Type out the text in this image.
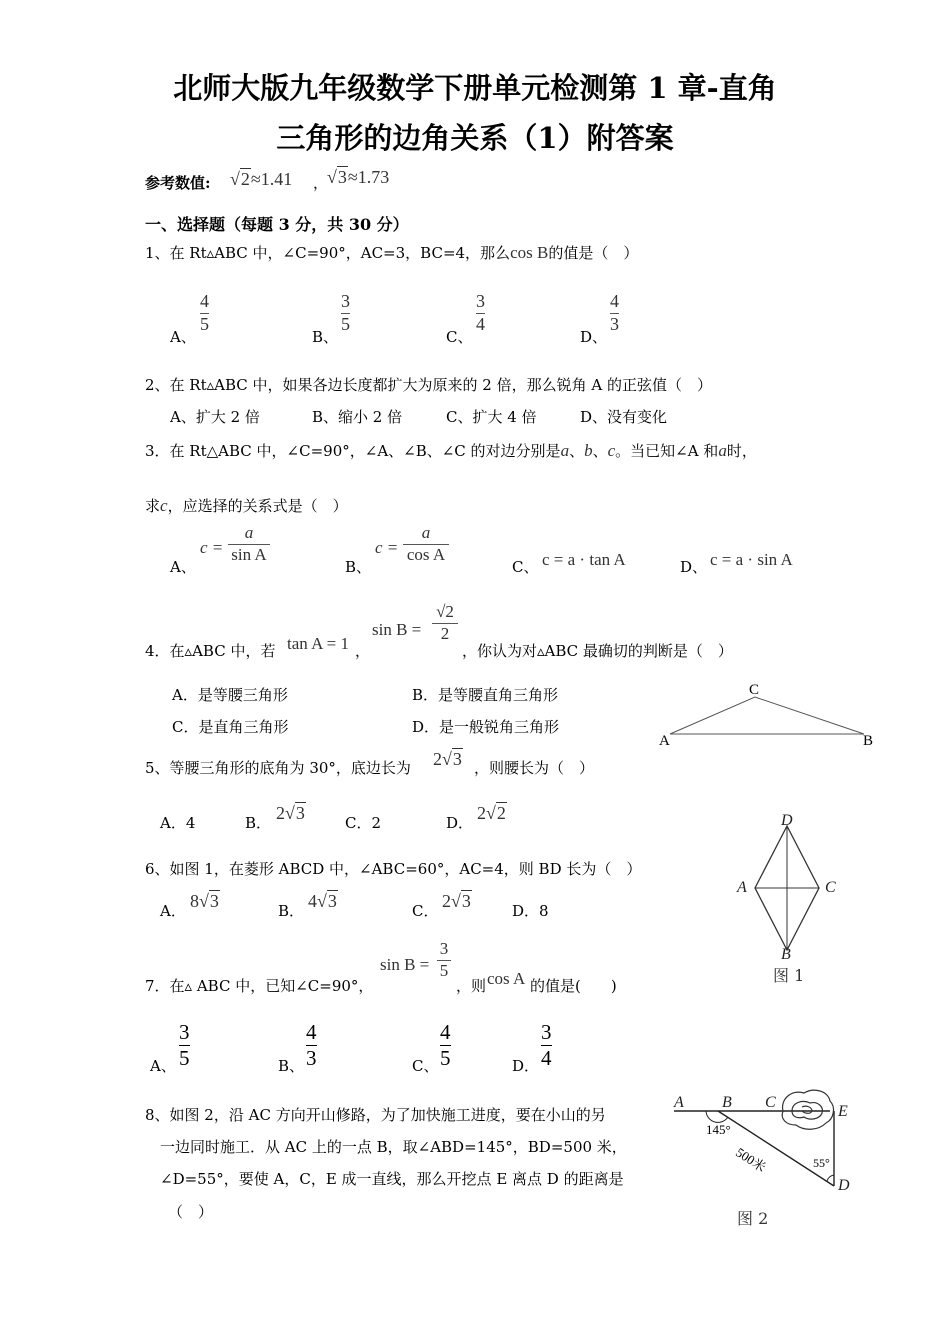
北师大版九年级数学下册单元检测第 1 章-直角
三角形的边角关系（1）附答案
参考数值: √2≈1.41 ，
√3≈1.73
一、选择题（每题 3 分，共 30 分）
1、在 Rt▵ABC 中，∠C=90°，AC=3，BC=4，那么cos B的值是（　）
A、
4
5
B、
3
5
C、
3
4
D、
4
3
2、在 Rt▵ABC 中，如果各边长度都扩大为原来的 2 倍，那么锐角 A 的正弦值（　）
A、扩大 2 倍	B、缩小 2 倍	C、扩大 4 倍	D、没有变化
3．在 Rt△ABC 中，∠C=90°，∠A、∠B、∠C 的对边分别是a、b、c。当已知∠A 和a时，
求c，应选择的关系式是（　）
A、
c =
a
sin A
B、
c =
a
cos A
C、 c = a · tan A	D、 c = a · sin A
4．在▵ABC 中，若 tan A = 1 ，
sin B =
√2
2
，你认为对▵ABC 最确切的判断是（　）
A．是等腰三角形	B．是等腰直角三角形
C．是直角三角形	D．是一般锐角三角形
C
A	B
5、等腰三角形的底角为 30°，底边长为 2√3 ，则腰长为（　）
A．4	B． 2√3	C．2	D． 2√2
6、如图 1，在菱形 ABCD 中，∠ABC=60°，AC=4，则 BD 长为（　）
A． 8√3	B． 4√3	C． 2√3	D．8
D
A	C
B
图 1
7．在▵ ABC 中，已知∠C=90°，
sin B =
3
5
，则 cos A 的值是(　　)
A、
3
5	B、
4
3	C、
4
5	D．
3
4
8、如图 2，沿 AC 方向开山修路，为了加快施工进度，要在小山的另
一边同时施工．从 AC 上的一点 B，取∠ABD=145°，BD=500 米，
∠D=55°，要使 A，C，E 成一直线，那么开挖点 E 离点 D 的距离是
（　）
A B C
E
D
145°
500米	55°
图 2
